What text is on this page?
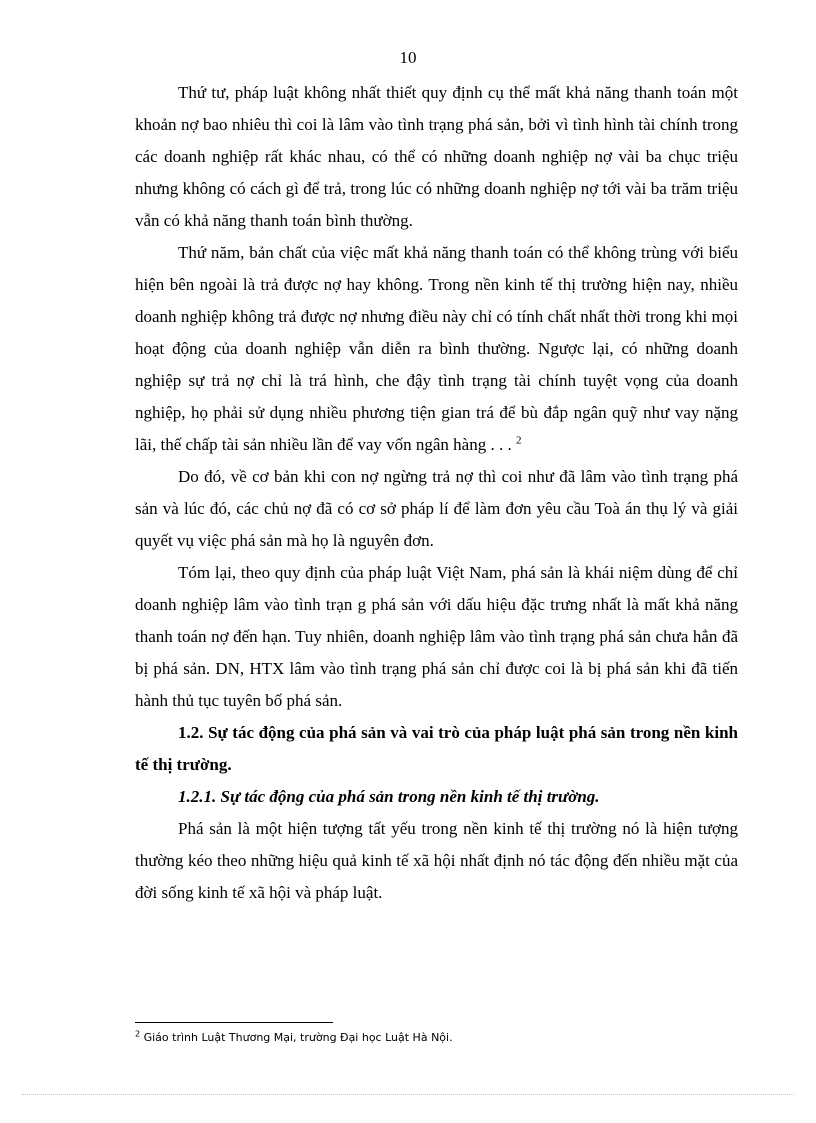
10

Thứ tư, pháp luật không nhất thiết quy định cụ thể mất khả năng thanh toán một khoản nợ bao nhiêu thì coi là lâm vào tình trạng phá sản, bởi vì tình hình tài chính trong các doanh nghiệp rất khác nhau, có thể có những doanh nghiệp nợ vài ba chục triệu nhưng không có cách gì để trả, trong lúc có những doanh nghiệp nợ tới vài ba trăm triệu vẫn có khả năng thanh toán bình thường.

Thứ năm, bản chất của việc mất khả năng thanh toán có thể không trùng với biểu hiện bên ngoài là trả được nợ hay không. Trong nền kinh tế thị trường hiện nay, nhiều doanh nghiệp không trả được nợ nhưng điều này chỉ có tính chất nhất thời trong khi mọi hoạt động của doanh nghiệp vẫn diễn ra bình thường. Ngược lại, có những doanh nghiệp sự trả nợ chỉ là trá hình, che đậy tình trạng tài chính tuyệt vọng của doanh nghiệp, họ phải sử dụng nhiều phương tiện gian trá để bù đắp ngân quỹ như vay nặng lãi, thế chấp tài sản nhiều lần để vay vốn ngân hàng . . . $^2$

Do đó, về cơ bản khi con nợ ngừng trả nợ thì coi như đã lâm vào tình trạng phá sản và lúc đó, các chủ nợ đã có cơ sở pháp lí để làm đơn yêu cầu Toà án thụ lý và giải quyết vụ việc phá sản mà họ là nguyên đơn.

Tóm lại, theo quy định của pháp luật Việt Nam, phá sản là khái niệm dùng để chỉ doanh nghiệp lâm vào tình trạn g phá sản với dấu hiệu đặc trưng nhất là mất khả năng thanh toán nợ đến hạn. Tuy nhiên, doanh nghiệp lâm vào tình trạng phá sản chưa hẳn đã bị phá sản. DN, HTX lâm vào tình trạng phá sản chỉ được coi là bị phá sản khi đã tiến hành thủ tục tuyên bố phá sản.

1.2. Sự tác động của phá sản và vai trò của pháp luật phá sản trong nền kinh tế thị trường.

1.2.1. Sự tác động của phá sản trong nền kinh tế thị trường.

Phá sản là một hiện tượng tất yếu trong nền kinh tế thị trường nó là hiện tượng thường kéo theo những hiệu quả kinh tế xã hội nhất định nó tác động đến nhiều mặt của đời sống kinh tế xã hội và pháp luật.

$^2$ Giáo trình Luật Thương Mại, trường Đại học Luật Hà Nội.
